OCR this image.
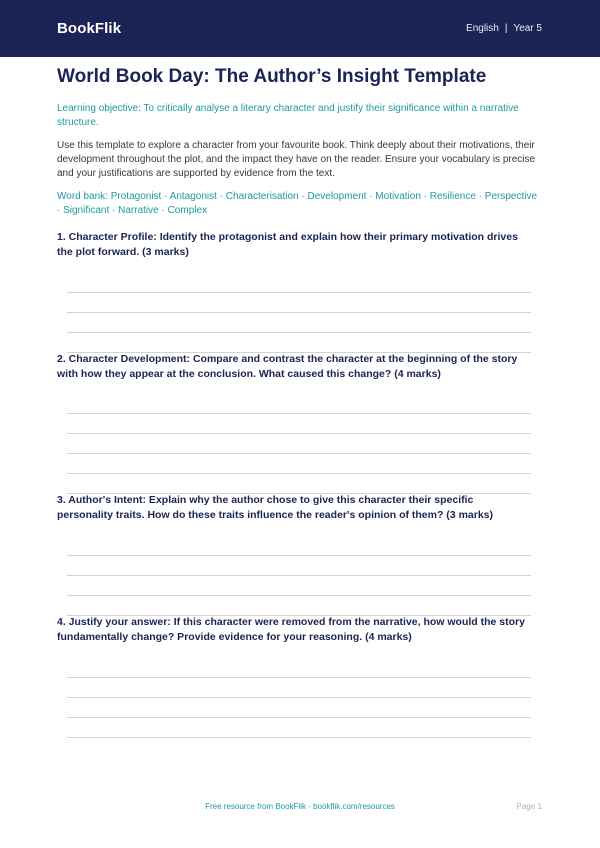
BookFlik	English | Year 5
World Book Day: The Author’s Insight Template

Learning objective: To critically analyse a literary character and justify their significance within a narrative structure.

Use this template to explore a character from your favourite book. Think deeply about their motivations, their development throughout the plot, and the impact they have on the reader. Ensure your vocabulary is precise and your justifications are supported by evidence from the text.

Word bank: Protagonist · Antagonist · Characterisation · Development · Motivation · Resilience · Perspective · Significant · Narrative · Complex

1. Character Profile: Identify the protagonist and explain how their primary motivation drives the plot forward. (3 marks)
2. Character Development: Compare and contrast the character at the beginning of the story with how they appear at the conclusion. What caused this change? (4 marks)
3. Author's Intent: Explain why the author chose to give this character their specific personality traits. How do these traits influence the reader's opinion of them? (3 marks)
4. Justify your answer: If this character were removed from the narrative, how would the story fundamentally change? Provide evidence for your reasoning. (4 marks)
Free resource from BookFlik · bookflik.com/resources	Page 1
